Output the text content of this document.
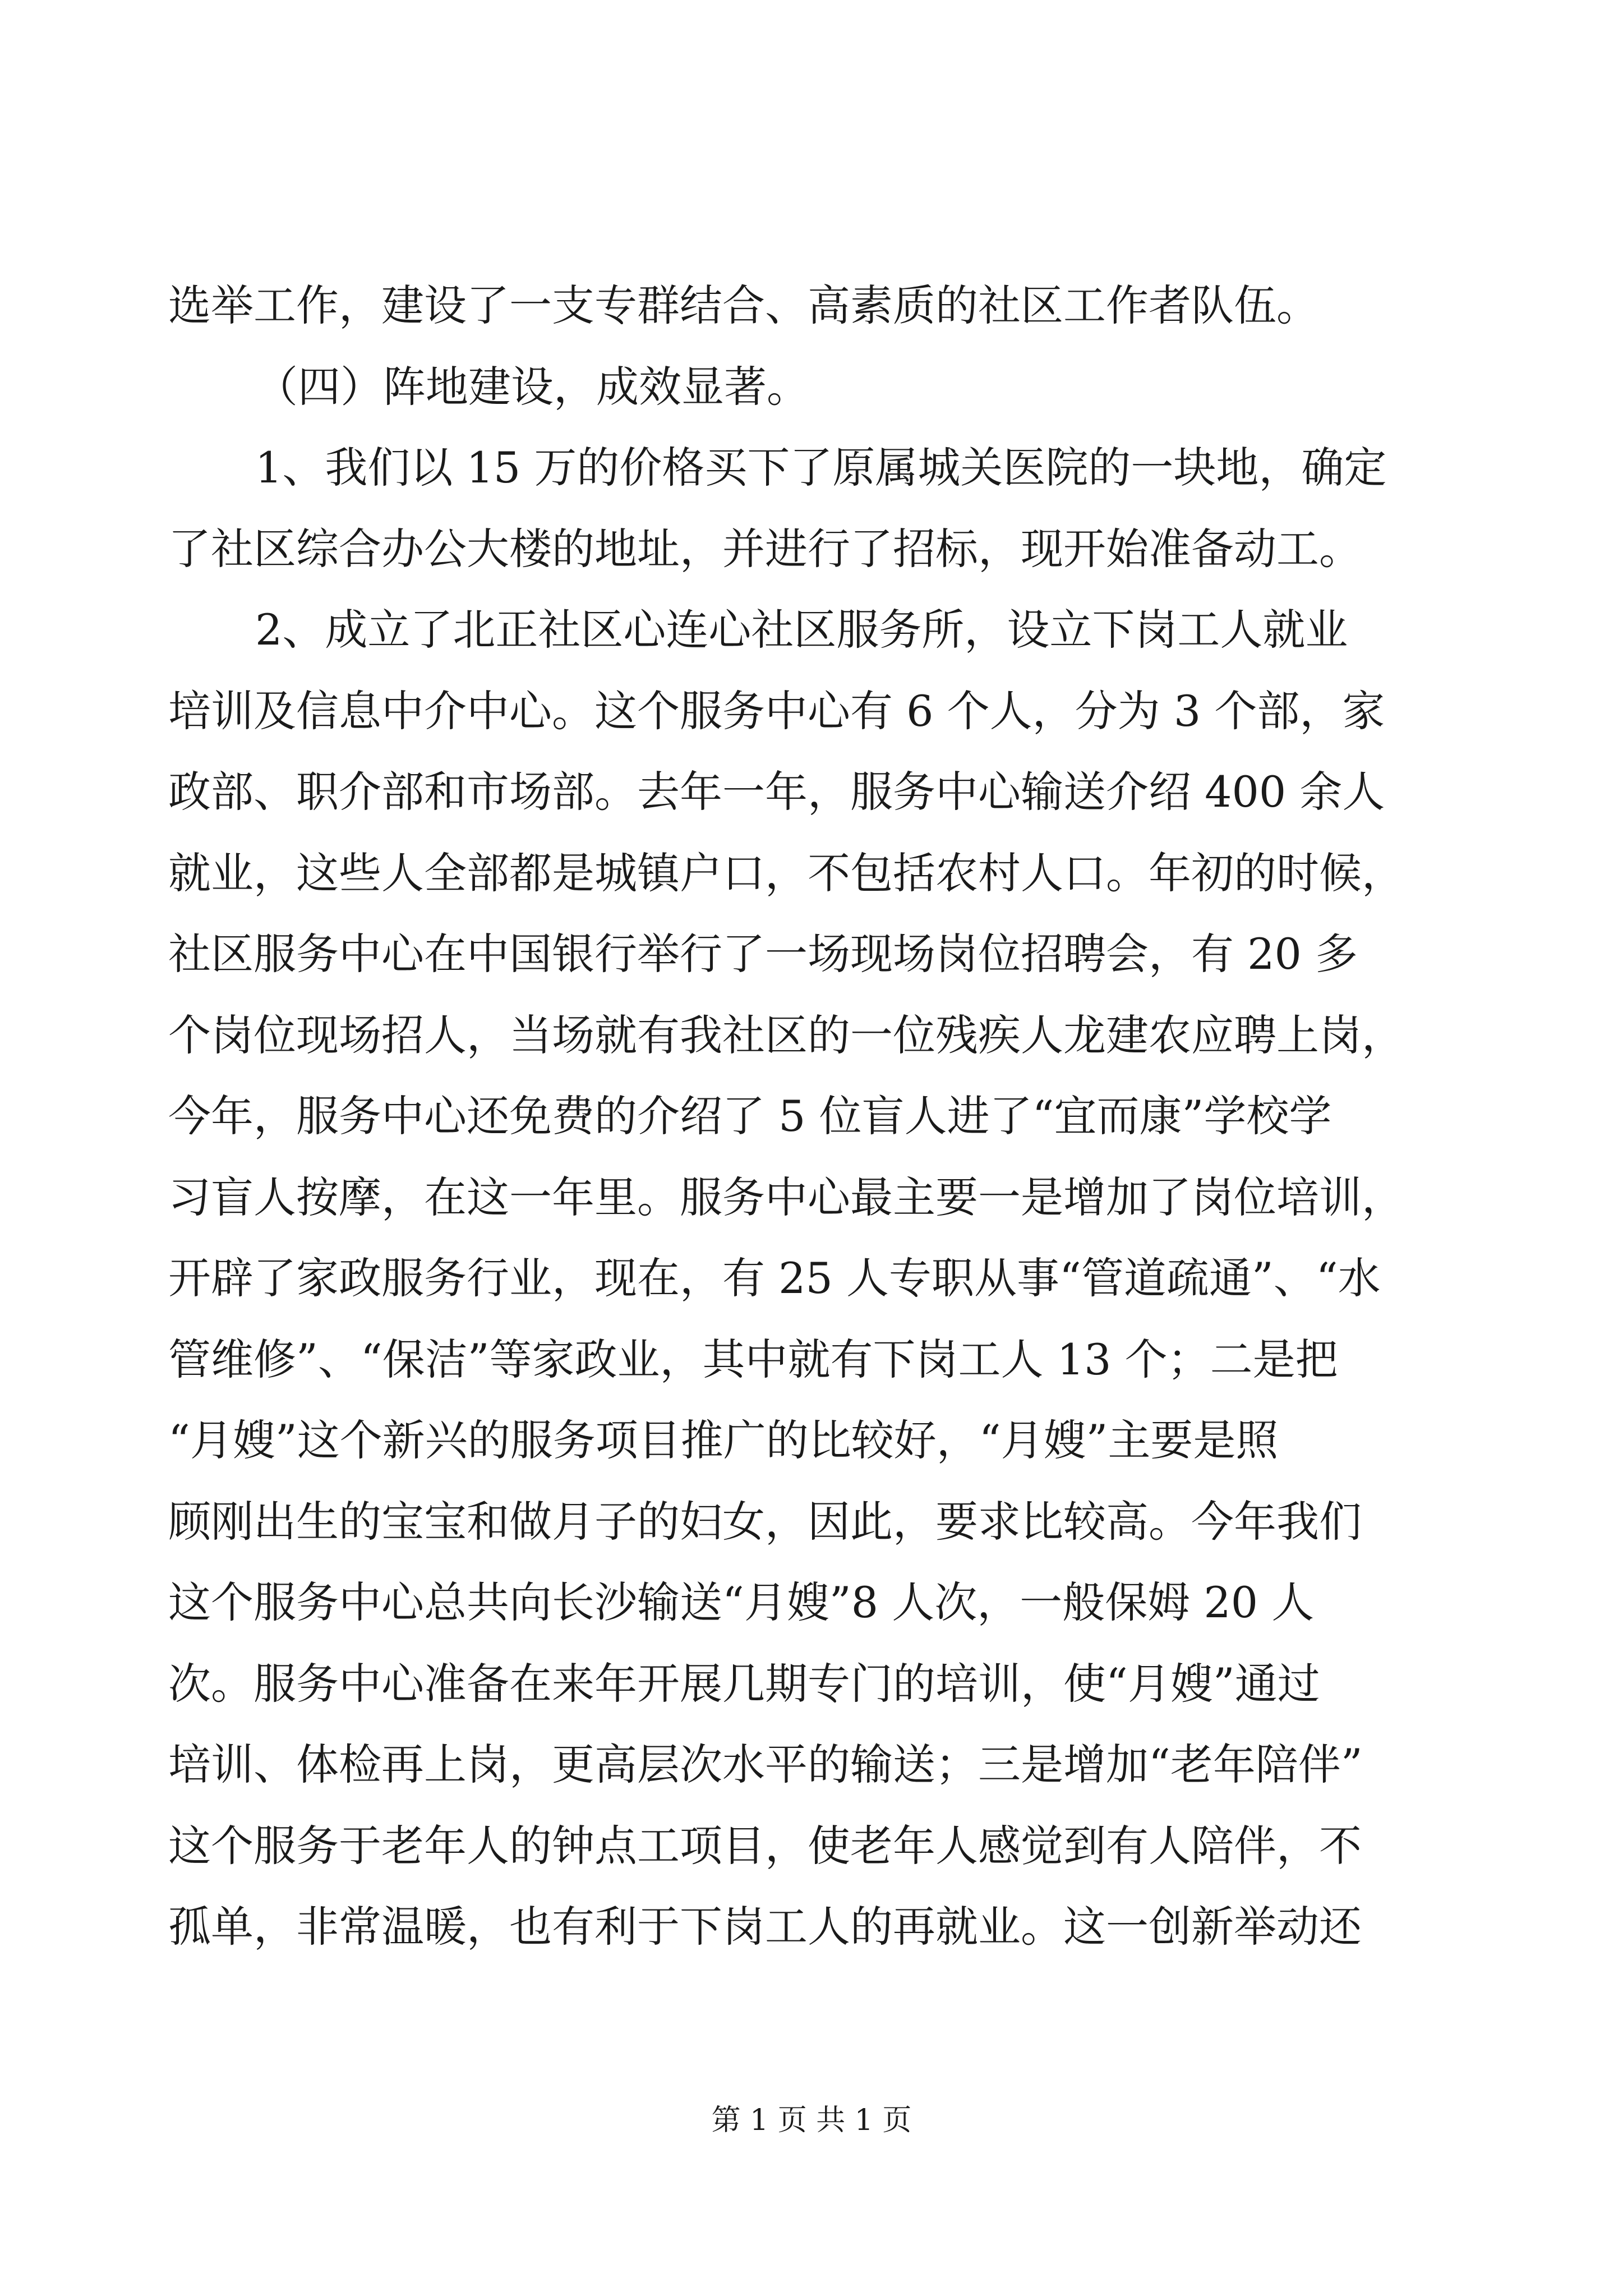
选举工作，建设了一支专群结合、高素质的社区工作者队伍。
（四）阵地建设，成效显著。
1、我们以 15 万的价格买下了原属城关医院的一块地，确定
了社区综合办公大楼的地址，并进行了招标，现开始准备动工。
2、成立了北正社区心连心社区服务所，设立下岗工人就业
培训及信息中介中心。这个服务中心有 6 个人，分为 3 个部，家
政部、职介部和市场部。去年一年，服务中心输送介绍 400 余人
就业，这些人全部都是城镇户口，不包括农村人口。年初的时候，
社区服务中心在中国银行举行了一场现场岗位招聘会，有 20 多
个岗位现场招人，当场就有我社区的一位残疾人龙建农应聘上岗，
今年，服务中心还免费的介绍了 5 位盲人进了“宜而康”学校学
习盲人按摩，在这一年里。服务中心最主要一是增加了岗位培训，
开辟了家政服务行业，现在，有 25 人专职从事“管道疏通”、“水
管维修”、“保洁”等家政业，其中就有下岗工人 13 个；二是把
“月嫂”这个新兴的服务项目推广的比较好，“月嫂”主要是照
顾刚出生的宝宝和做月子的妇女，因此，要求比较高。今年我们
这个服务中心总共向长沙输送“月嫂”8 人次，一般保姆 20 人
次。服务中心准备在来年开展几期专门的培训，使“月嫂”通过
培训、体检再上岗，更高层次水平的输送；三是增加“老年陪伴”
这个服务于老年人的钟点工项目，使老年人感觉到有人陪伴，不
孤单，非常温暖，也有利于下岗工人的再就业。这一创新举动还
第 1 页 共 1 页
